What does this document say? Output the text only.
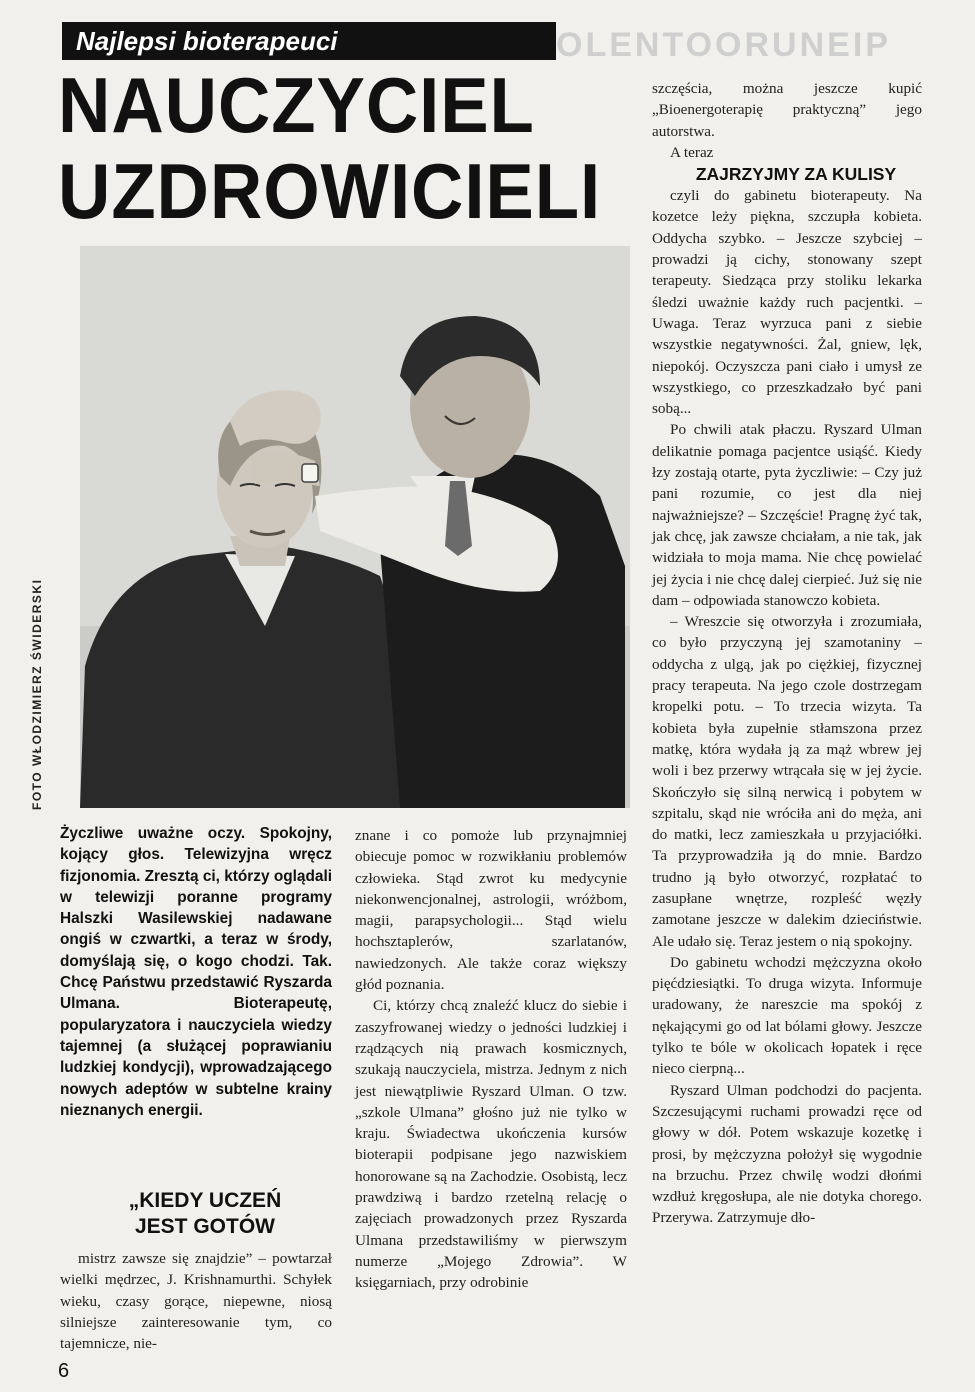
OLENTOORUNEIP
Najlepsi bioterapeuci
NAUCZYCIEL
UZDROWICIELI
FOTO WŁODZIMIERZ ŚWIDERSKI

Życzliwe uważne oczy. Spokojny, kojący głos. Telewizyjna wręcz fizjonomia. Zresztą ci, którzy oglądali w telewizji poranne programy Halszki Wasilewskiej nadawane ongiś w czwartki, a teraz w środy, domyślają się, o kogo chodzi. Tak. Chcę Państwu przedstawić Ryszarda Ulmana. Bioterapeutę, popularyzatora i nauczyciela wiedzy tajemnej (a służącej poprawianiu ludzkiej kondycji), wprowadzającego nowych adeptów w subtelne krainy nieznanych energii.

„KIEDY UCZEŃ

JEST GOTÓW

mistrz zawsze się znajdzie” – powtarzał wielki mędrzec, J. Krishnamurthi. Schyłek wieku, czasy gorące, niepewne, niosą silniejsze zainteresowanie tym, co tajemnicze, nie-

znane i co pomoże lub przynajmniej obiecuje pomoc w rozwikłaniu problemów człowieka. Stąd zwrot ku medycynie niekonwencjonalnej, astrologii, wróżbom, magii, parapsychologii... Stąd wielu hochsztaplerów, szarlatanów, nawiedzonych. Ale także coraz większy głód poznania.

Ci, którzy chcą znaleźć klucz do siebie i zaszyfrowanej wiedzy o jedności ludzkiej i rządzących nią prawach kosmicznych, szukają nauczyciela, mistrza. Jednym z nich jest niewątpliwie Ryszard Ulman. O tzw. „szkole Ulmana” głośno już nie tylko w kraju. Świadectwa ukończenia kursów bioterapii podpisane jego nazwiskiem honorowane są na Zachodzie. Osobistą, lecz prawdziwą i bardzo rzetelną relację o zajęciach prowadzonych przez Ryszarda Ulmana przedstawiliśmy w pierwszym numerze „Mojego Zdrowia”. W księgarniach, przy odrobinie

szczęścia, można jeszcze kupić „Bioenergoterapię praktyczną” jego autorstwa.

A teraz

ZAJRZYJMY ZA KULISY

czyli do gabinetu bioterapeuty. Na kozetce leży piękna, szczupła kobieta. Oddycha szybko. – Jeszcze szybciej – prowadzi ją cichy, stonowany szept terapeuty. Siedząca przy stoliku lekarka śledzi uważnie każdy ruch pacjentki. – Uwaga. Teraz wyrzuca pani z siebie wszystkie negatywności. Żal, gniew, lęk, niepokój. Oczyszcza pani ciało i umysł ze wszystkiego, co przeszkadzało być pani sobą...

Po chwili atak płaczu. Ryszard Ulman delikatnie pomaga pacjentce usiąść. Kiedy łzy zostają otarte, pyta życzliwie: – Czy już pani rozumie, co jest dla niej najważniejsze? – Szczęście! Pragnę żyć tak, jak chcę, jak zawsze chciałam, a nie tak, jak widziała to moja mama. Nie chcę powielać jej życia i nie chcę dalej cierpieć. Już się nie dam – odpowiada stanowczo kobieta.

– Wreszcie się otworzyła i zrozumiała, co było przyczyną jej szamotaniny – oddycha z ulgą, jak po ciężkiej, fizycznej pracy terapeuta. Na jego czole dostrzegam kropelki potu. – To trzecia wizyta. Ta kobieta była zupełnie stłamszona przez matkę, która wydała ją za mąż wbrew jej woli i bez przerwy wtrącała się w jej życie. Skończyło się silną nerwicą i pobytem w szpitalu, skąd nie wróciła ani do męża, ani do matki, lecz zamieszkała u przyjaciółki. Ta przyprowadziła ją do mnie. Bardzo trudno ją było otworzyć, rozpłatać to zasupłane wnętrze, rozpleść węzły zamotane jeszcze w dalekim dzieciństwie. Ale udało się. Teraz jestem o nią spokojny.

Do gabinetu wchodzi mężczyzna około pięćdziesiątki. To druga wizyta. Informuje uradowany, że nareszcie ma spokój z nękającymi go od lat bólami głowy. Jeszcze tylko te bóle w okolicach łopatek i ręce nieco cierpną...

Ryszard Ulman podchodzi do pacjenta. Szczesującymi ruchami prowadzi ręce od głowy w dół. Potem wskazuje kozetkę i prosi, by mężczyzna położył się wygodnie na brzuchu. Przez chwilę wodzi dłońmi wzdłuż kręgosłupa, ale nie dotyka chorego. Przerywa. Zatrzymuje dło-

6
